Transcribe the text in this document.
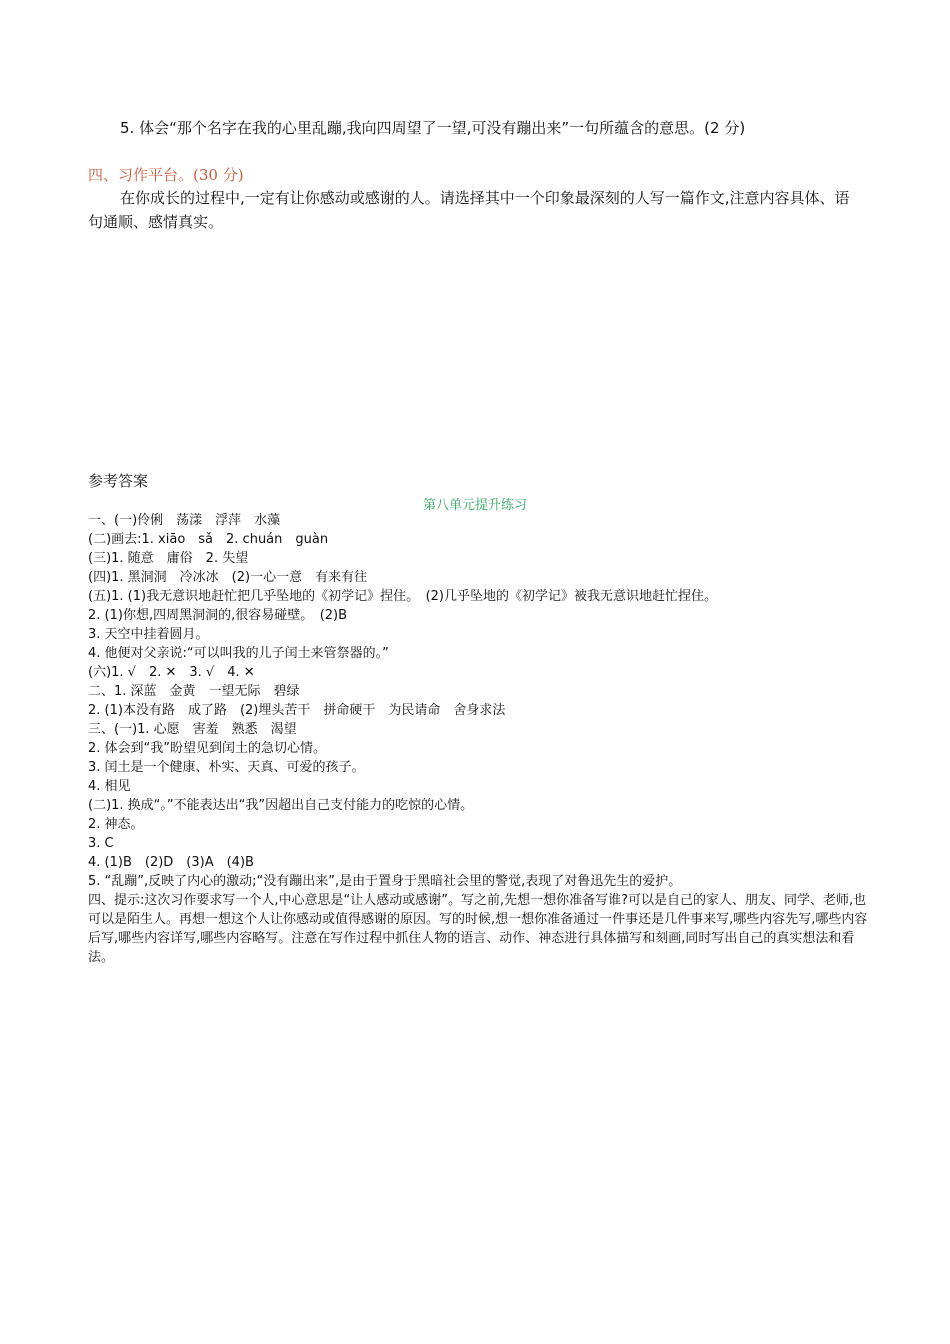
5. 体会“那个名字在我的心里乱蹦,我向四周望了一望,可没有蹦出来”一句所蕴含的意思。(2 分)
四、习作平台。(30 分)
在你成长的过程中,一定有让你感动或感谢的人。请选择其中一个印象最深刻的人写一篇作文,注意内容具体、语句通顺、感情真实。
参考答案
第八单元提升练习
一、(一)伶俐　荡漾　浮萍　水藻
(二)画去:1. xiāo　sǎ　2. chuán　guàn
(三)1. 随意　庸俗　2. 失望
(四)1. 黑洞洞　冷冰冰　(2)一心一意　有来有往
(五)1. (1)我无意识地赶忙把几乎坠地的《初学记》捏住。　(2)几乎坠地的《初学记》被我无意识地赶忙捏住。
2. (1)你想,四周黑洞洞的,很容易碰壁。　(2)B
3. 天空中挂着圆月。
4. 他便对父亲说:“可以叫我的儿子闰土来管祭器的。”
(六)1. √　2. ✕　3. √　4. ✕
二、1. 深蓝　金黄　一望无际　碧绿
2. (1)本没有路　成了路　(2)埋头苦干　拼命硬干　为民请命　舍身求法
三、(一)1. 心愿　害羞　熟悉　渴望
2. 体会到“我”盼望见到闰土的急切心情。
3. 闰土是一个健康、朴实、天真、可爱的孩子。
4. 相见
(二)1. 换成“。”不能表达出“我”因超出自己支付能力的吃惊的心情。
2. 神态。
3. C
4. (1)B　(2)D　(3)A　(4)B
5. “乱蹦”,反映了内心的激动;“没有蹦出来”,是由于置身于黑暗社会里的警觉,表现了对鲁迅先生的爱护。
四、提示:这次习作要求写一个人,中心意思是“让人感动或感谢”。写之前,先想一想你准备写谁?可以是自己的家人、朋友、同学、老师,也可以是陌生人。再想一想这个人让你感动或值得感谢的原因。写的时候,想一想你准备通过一件事还是几件事来写,哪些内容先写,哪些内容后写,哪些内容详写,哪些内容略写。注意在写作过程中抓住人物的语言、动作、神态进行具体描写和刻画,同时写出自己的真实想法和看法。
